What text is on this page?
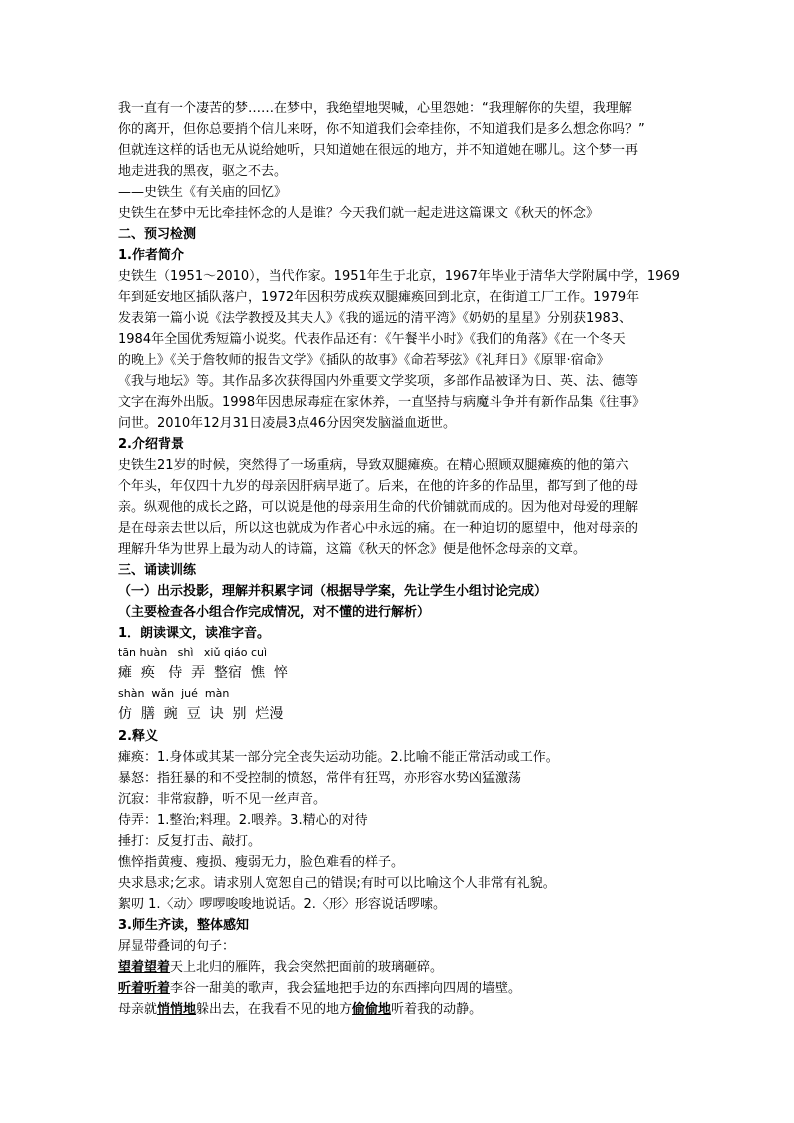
我一直有一个凄苦的梦……在梦中，我绝望地哭喊，心里怨她：“我理解你的失望，我理解

你的离开，但你总要捎个信儿来呀，你不知道我们会牵挂你，不知道我们是多么想念你吗？”

但就连这样的话也无从说给她听，只知道她在很远的地方，并不知道她在哪儿。这个梦一再

地走进我的黑夜，驱之不去。

——史铁生《有关庙的回忆》

史铁生在梦中无比牵挂怀念的人是谁？今天我们就一起走进这篇课文《秋天的怀念》

二、预习检测

1.作者简介

史铁生（1951～2010），当代作家。1951年生于北京，1967年毕业于清华大学附属中学，1969

年到延安地区插队落户，1972年因积劳成疾双腿瘫痪回到北京，在街道工厂工作。1979年

发表第一篇小说《法学教授及其夫人》《我的遥远的清平湾》《奶奶的星星》分别获1983、

1984年全国优秀短篇小说奖。代表作品还有：《午餐半小时》《我们的角落》《在一个冬天

的晚上》《关于詹牧师的报告文学》《插队的故事》《命若琴弦》《礼拜日》《原罪·宿命》

《我与地坛》等。其作品多次获得国内外重要文学奖项，多部作品被译为日、英、法、德等

文字在海外出版。1998年因患尿毒症在家休养，一直坚持与病魔斗争并有新作品集《往事》

问世。2010年12月31日凌晨3点46分因突发脑溢血逝世。

2.介绍背景

史铁生21岁的时候，突然得了一场重病，导致双腿瘫痪。在精心照顾双腿瘫痪的他的第六

个年头，年仅四十九岁的母亲因肝病早逝了。后来，在他的许多的作品里，都写到了他的母

亲。纵观他的成长之路，可以说是他的母亲用生命的代价铺就而成的。因为他对母爱的理解

是在母亲去世以后，所以这也就成为作者心中永远的痛。在一种迫切的愿望中，他对母亲的

理解升华为世界上最为动人的诗篇，这篇《秋天的怀念》便是他怀念母亲的文章。

三、诵读训练

（一）出示投影，理解并积累字词（根据导学案，先让学生小组讨论完成）

（主要检查各小组合作完成情况，对不懂的进行解析）

1．朗读课文，读准字音。

tān huàn   shì   xiǔ qiáo cuì

瘫  痪   侍  弄  整宿  憔  悴

shàn  wǎn  jué  màn

仿  膳  豌  豆  诀  别  烂漫

2.释义

瘫痪：1.身体或其某一部分完全丧失运动功能。2.比喻不能正常活动或工作。

暴怒：指狂暴的和不受控制的愤怒，常伴有狂骂，亦形容水势凶猛激荡

沉寂：非常寂静，听不见一丝声音。

侍弄：1.整治;料理。2.喂养。3.精心的对待

捶打：反复打击、敲打。

憔悴指黄瘦、瘦损、瘦弱无力，脸色难看的样子。

央求恳求;乞求。请求别人宽恕自己的错误;有时可以比喻这个人非常有礼貌。

絮叨 1.〈动〉啰啰唆唆地说话。2.〈形〉形容说话啰嗦。

3.师生齐读，整体感知

屏显带叠词的句子：

望着望着天上北归的雁阵，我会突然把面前的玻璃砸碎。

听着听着李谷一甜美的歌声，我会猛地把手边的东西摔向四周的墙壁。

母亲就悄悄地躲出去，在我看不见的地方偷偷地听着我的动静。
